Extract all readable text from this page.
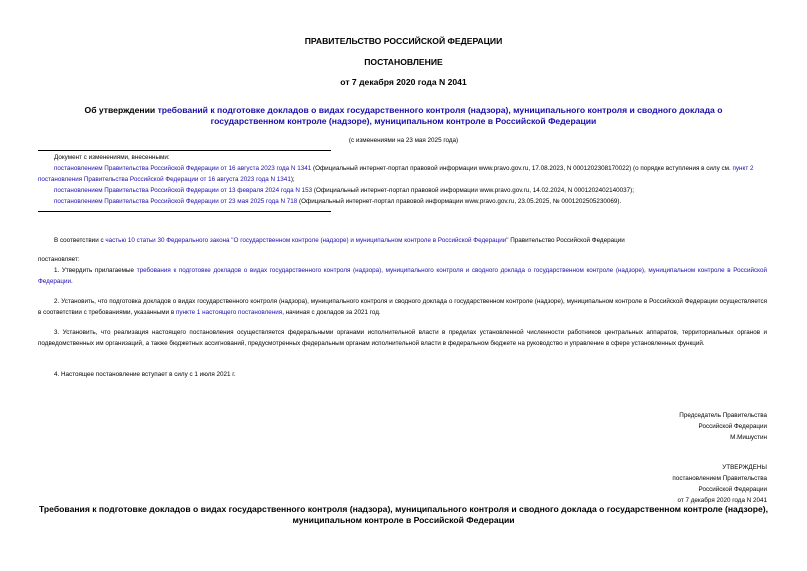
ПРАВИТЕЛЬСТВО РОССИЙСКОЙ ФЕДЕРАЦИИ
ПОСТАНОВЛЕНИЕ
от 7 декабря 2020 года N 2041
Об утверждении требований к подготовке докладов о видах государственного контроля (надзора), муниципального контроля и сводного доклада о государственном контроле (надзоре), муниципальном контроле в Российской Федерации
(с изменениями на 23 мая 2025 года)
Документ с изменениями, внесенными:
постановлением Правительства Российской Федерации от 16 августа 2023 года N 1341 (Официальный интернет-портал правовой информации www.pravo.gov.ru, 17.08.2023, N 0001202308170022) (о порядке вступления в силу см. пункт 2 постановления Правительства Российской Федерации от 16 августа 2023 года N 1341);
постановлением Правительства Российской Федерации от 13 февраля 2024 года N 153 (Официальный интернет-портал правовой информации www.pravo.gov.ru, 14.02.2024, N 0001202402140037);
постановлением Правительства Российской Федерации от 23 мая 2025 года N 718 (Официальный интернет-портал правовой информации www.pravo.gov.ru, 23.05.2025, № 0001202505230069).
В соответствии с частью 10 статьи 30 Федерального закона "О государственном контроле (надзоре) и муниципальном контроле в Российской Федерации" Правительство Российской Федерации
постановляет:
1. Утвердить прилагаемые требования к подготовке докладов о видах государственного контроля (надзора), муниципального контроля и сводного доклада о государственном контроле (надзоре), муниципальном контроле в Российской Федерации.
2. Установить, что подготовка докладов о видах государственного контроля (надзора), муниципального контроля и сводного доклада о государственном контроле (надзоре), муниципальном контроле в Российской Федерации осуществляется в соответствии с требованиями, указанными в пункте 1 настоящего постановления, начиная с докладов за 2021 год.
3. Установить, что реализация настоящего постановления осуществляется федеральными органами исполнительной власти в пределах установленной численности работников центральных аппаратов, территориальных органов и подведомственных им организаций, а также бюджетных ассигнований, предусмотренных федеральным органам исполнительной власти в федеральном бюджете на руководство и управление в сфере установленных функций.
4. Настоящее постановление вступает в силу с 1 июля 2021 г.
Председатель Правительства
Российской Федерации
М.Мишустин
УТВЕРЖДЕНЫ
постановлением Правительства
Российской Федерации
от 7 декабря 2020 года N 2041
Требования к подготовке докладов о видах государственного контроля (надзора), муниципального контроля и сводного доклада о государственном контроле (надзоре), муниципальном контроле в Российской Федерации
